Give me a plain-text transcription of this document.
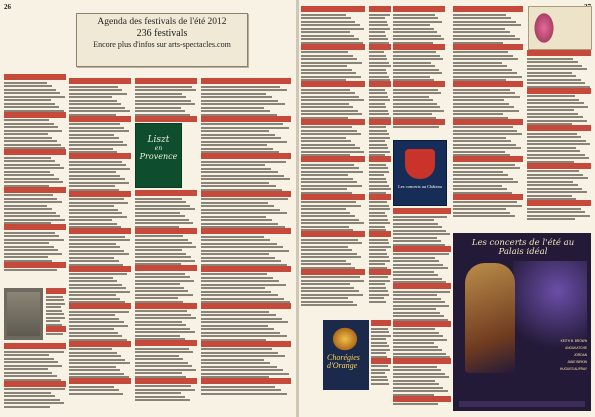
26
Agenda des festivals de l'été 2012
236 festivals
Encore plus d'infos sur arts-spectacles.com

Liszt
en
Provence

Chorégies
d'Orange
Les concerts au Château
Les concerts de l'été au Palais idéal
KEITH B. BROWN
ANOUKATCHE
JORDAN
JANE BIRKIN
HUGUES AUFRAY
